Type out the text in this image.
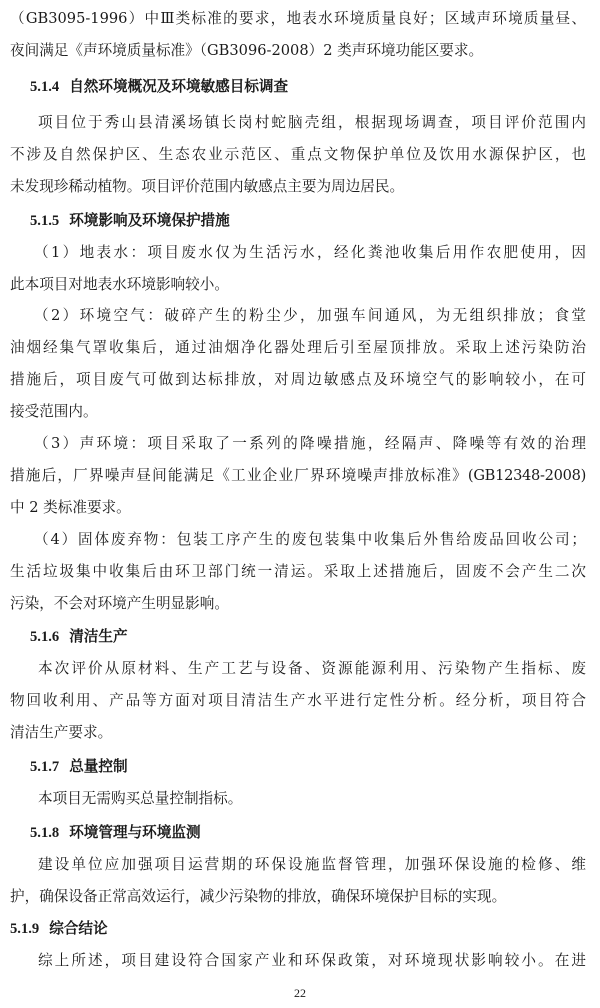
（GB3095-1996）中Ⅲ类标准的要求，地表水环境质量良好；区域声环境质量昼、
夜间满足《声环境质量标准》（GB3096-2008）2 类声环境功能区要求。
5.1.4 自然环境概况及环境敏感目标调查
项目位于秀山县清溪场镇长岗村蛇脑壳组，根据现场调查，项目评价范围内
不涉及自然保护区、生态农业示范区、重点文物保护单位及饮用水源保护区，也
未发现珍稀动植物。项目评价范围内敏感点主要为周边居民。
5.1.5 环境影响及环境保护措施
（1）地表水：项目废水仅为生活污水，经化粪池收集后用作农肥使用，因
此本项目对地表水环境影响较小。
（2）环境空气：破碎产生的粉尘少，加强车间通风，为无组织排放；食堂
油烟经集气罩收集后，通过油烟净化器处理后引至屋顶排放。采取上述污染防治
措施后，项目废气可做到达标排放，对周边敏感点及环境空气的影响较小，在可
接受范围内。
（3）声环境：项目采取了一系列的降噪措施，经隔声、降噪等有效的治理
措施后，厂界噪声昼间能满足《工业企业厂界环境噪声排放标准》(GB12348-2008)
中 2 类标准要求。
（4）固体废弃物：包装工序产生的废包装集中收集后外售给废品回收公司；
生活垃圾集中收集后由环卫部门统一清运。采取上述措施后，固废不会产生二次
污染，不会对环境产生明显影响。
5.1.6 清洁生产
本次评价从原材料、生产工艺与设备、资源能源利用、污染物产生指标、废
物回收利用、产品等方面对项目清洁生产水平进行定性分析。经分析，项目符合
清洁生产要求。
5.1.7 总量控制
本项目无需购买总量控制指标。
5.1.8 环境管理与环境监测
建设单位应加强项目运营期的环保设施监督管理，加强环保设施的检修、维
护，确保设备正常高效运行，减少污染物的排放，确保环境保护目标的实现。
5.1.9 综合结论
综上所述，项目建设符合国家产业和环保政策，对环境现状影响较小。在进
22
